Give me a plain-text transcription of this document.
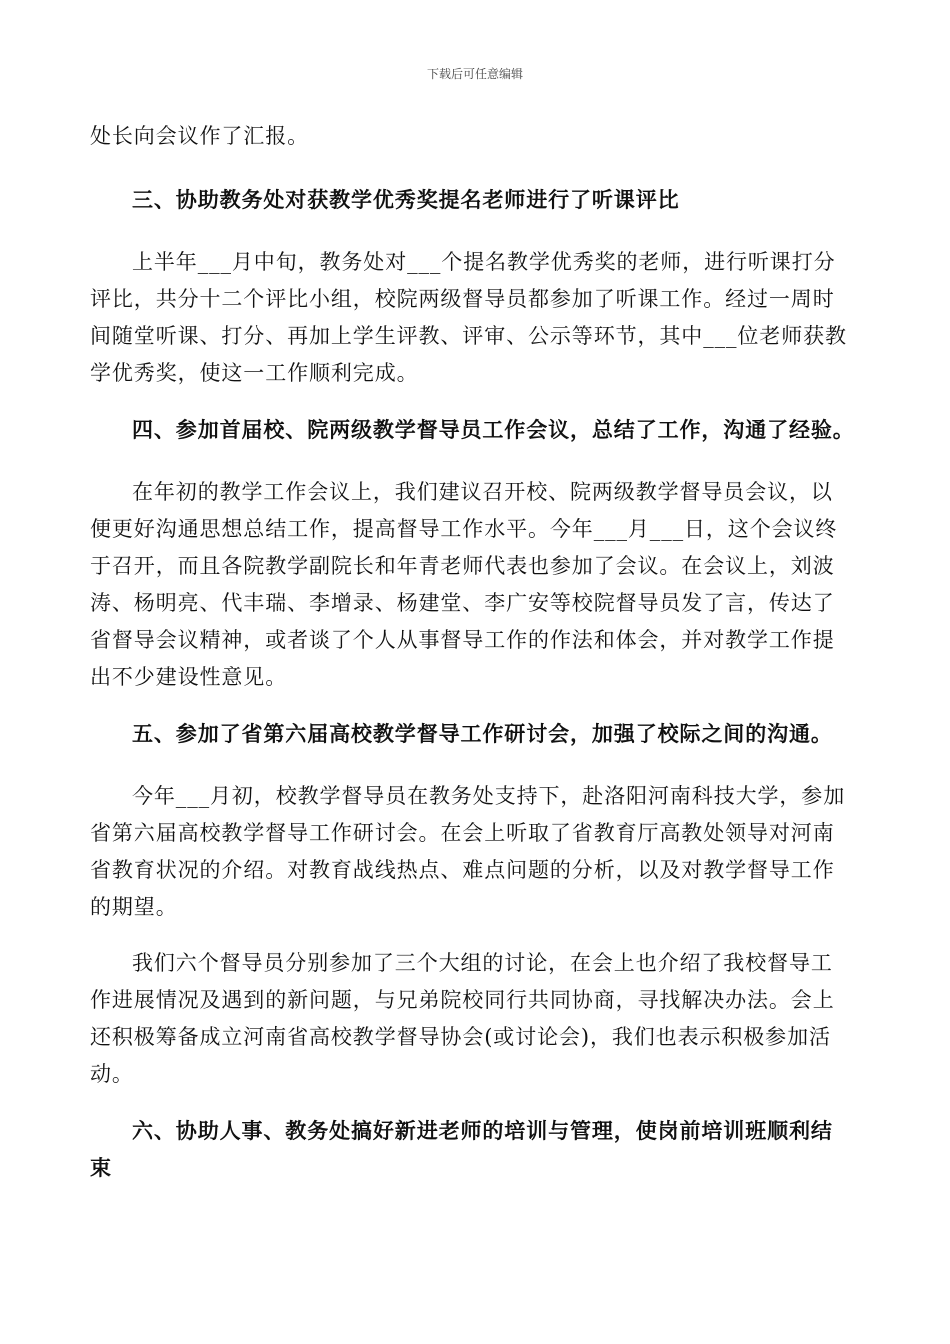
下载后可任意编辑
处长向会议作了汇报。
三、协助教务处对获教学优秀奖提名老师进行了听课评比
上半年___月中旬，教务处对___个提名教学优秀奖的老师，进行听课打分
评比，共分十二个评比小组，校院两级督导员都参加了听课工作。经过一周时
间随堂听课、打分、再加上学生评教、评审、公示等环节，其中___位老师获教
学优秀奖，使这一工作顺利完成。
四、参加首届校、院两级教学督导员工作会议，总结了工作，沟通了经验。
在年初的教学工作会议上，我们建议召开校、院两级教学督导员会议，以
便更好沟通思想总结工作，提高督导工作水平。今年___月___日，这个会议终
于召开，而且各院教学副院长和年青老师代表也参加了会议。在会议上，刘波
涛、杨明亮、代丰瑞、李增录、杨建堂、李广安等校院督导员发了言，传达了
省督导会议精神，或者谈了个人从事督导工作的作法和体会，并对教学工作提
出不少建设性意见。
五、参加了省第六届高校教学督导工作研讨会，加强了校际之间的沟通。
今年___月初，校教学督导员在教务处支持下，赴洛阳河南科技大学，参加
省第六届高校教学督导工作研讨会。在会上听取了省教育厅高教处领导对河南
省教育状况的介绍。对教育战线热点、难点问题的分析，以及对教学督导工作
的期望。
我们六个督导员分别参加了三个大组的讨论，在会上也介绍了我校督导工
作进展情况及遇到的新问题，与兄弟院校同行共同协商，寻找解决办法。会上
还积极筹备成立河南省高校教学督导协会(或讨论会)，我们也表示积极参加活
动。
六、协助人事、教务处搞好新进老师的培训与管理，使岗前培训班顺利结
束
